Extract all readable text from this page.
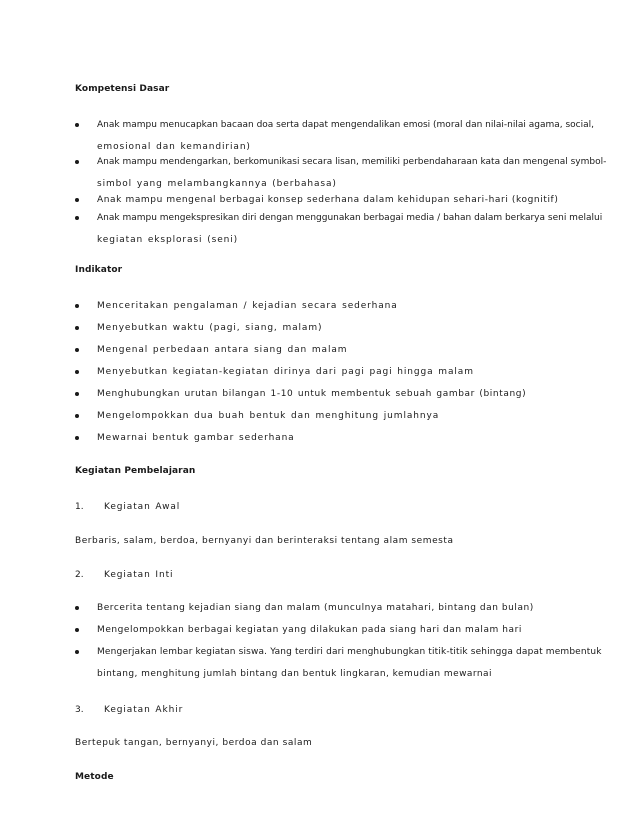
Kompetensi Dasar
Anak mampu menucapkan bacaan doa serta dapat mengendalikan emosi (moral dan nilai-nilai agama, social,
emosional dan kemandirian)
Anak mampu mendengarkan, berkomunikasi secara lisan, memiliki perbendaharaan kata dan mengenal symbol-
simbol yang melambangkannya (berbahasa)
Anak mampu mengenal berbagai konsep sederhana dalam kehidupan sehari-hari (kognitif)
Anak mampu mengekspresikan diri dengan menggunakan berbagai media / bahan dalam berkarya seni melalui
kegiatan eksplorasi (seni)
Indikator
Menceritakan pengalaman / kejadian secara sederhana
Menyebutkan waktu (pagi, siang, malam)
Mengenal perbedaan antara siang dan malam
Menyebutkan kegiatan-kegiatan dirinya dari pagi pagi hingga malam
Menghubungkan urutan bilangan 1-10 untuk membentuk sebuah gambar (bintang)
Mengelompokkan dua buah bentuk dan menghitung jumlahnya
Mewarnai bentuk gambar sederhana
Kegiatan Pembelajaran
1. Kegiatan Awal
Berbaris, salam, berdoa, bernyanyi dan berinteraksi tentang alam semesta
2. Kegiatan Inti
Bercerita tentang kejadian siang dan malam (munculnya matahari, bintang dan bulan)
Mengelompokkan berbagai kegiatan yang dilakukan pada siang hari dan malam hari
Mengerjakan lembar kegiatan siswa. Yang terdiri dari menghubungkan titik-titik sehingga dapat membentuk
bintang, menghitung jumlah bintang dan bentuk lingkaran, kemudian mewarnai
3. Kegiatan Akhir
Bertepuk tangan, bernyanyi, berdoa dan salam
Metode
